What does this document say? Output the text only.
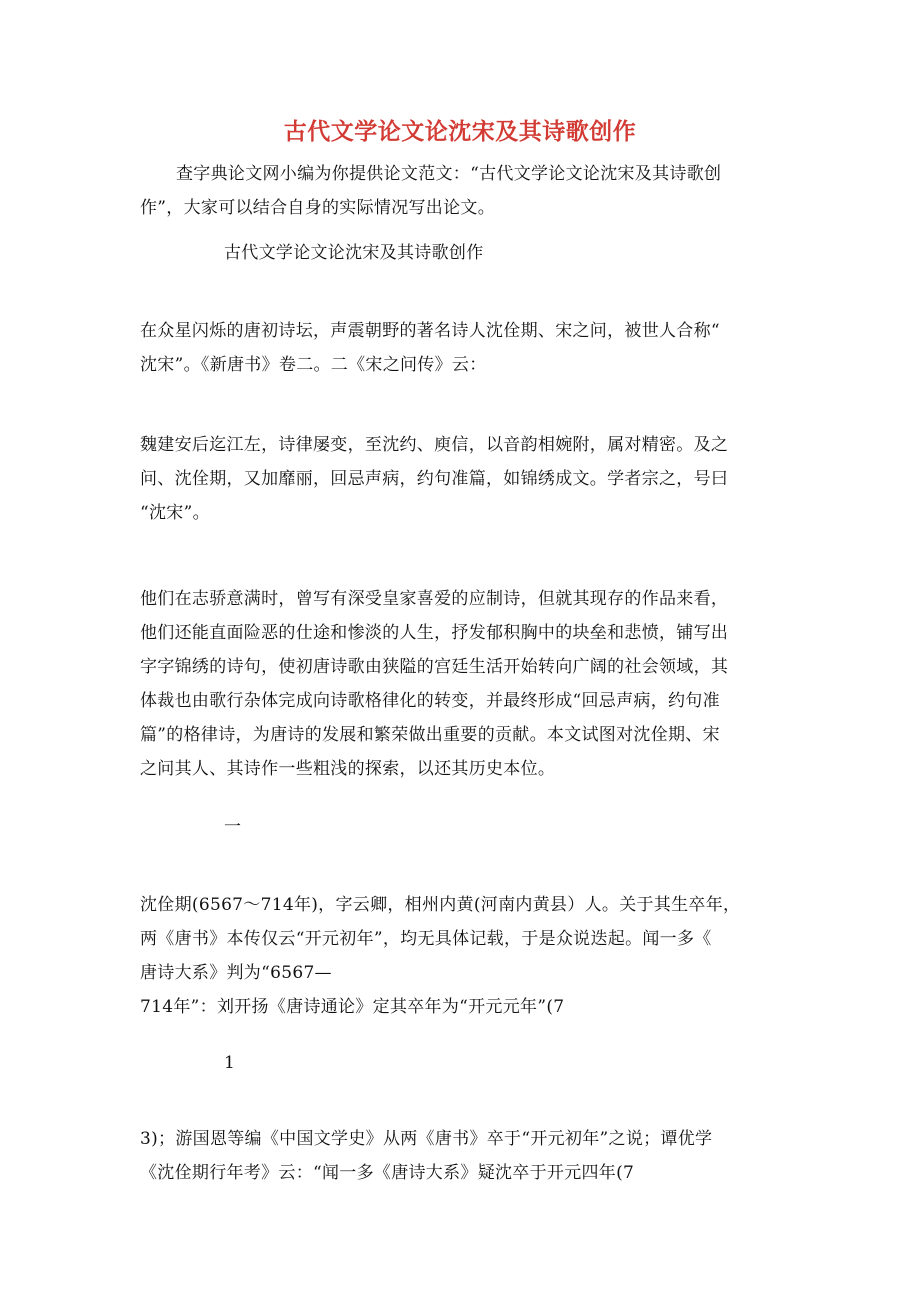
古代文学论文论沈宋及其诗歌创作

查字典论文网小编为你提供论文范文：“古代文学论文论沈宋及其诗歌创
作”，大家可以结合自身的实际情况写出论文。

古代文学论文论沈宋及其诗歌创作

在众星闪烁的唐初诗坛，声震朝野的著名诗人沈佺期、宋之问，被世人合称“
沈宋”。《新唐书》卷二。二《宋之问传》云：

魏建安后迄江左，诗律屡变，至沈约、庾信，以音韵相婉附，属对精密。及之
问、沈佺期，又加靡丽，回忌声病，约句准篇，如锦绣成文。学者宗之，号曰
“沈宋”。

他们在志骄意满时，曾写有深受皇家喜爱的应制诗，但就其现存的作品来看，
他们还能直面险恶的仕途和惨淡的人生，抒发郁积胸中的块垒和悲愤，铺写出
字字锦绣的诗句，使初唐诗歌由狭隘的宫廷生活开始转向广阔的社会领域，其
体裁也由歌行杂体完成向诗歌格律化的转变，并最终形成“回忌声病，约句准
篇”的格律诗，为唐诗的发展和繁荣做出重要的贡献。本文试图对沈佺期、宋
之问其人、其诗作一些粗浅的探索，以还其历史本位。

一

沈佺期(6567～714年)，字云卿，相州内黄(河南内黄县）人。关于其生卒年，
两《唐书》本传仅云“开元初年”，均无具体记载，于是众说迭起。闻一多《
唐诗大系》判为“6567—
714年”：刘开扬《唐诗通论》定其卒年为“开元元年”(7

1

3)；游国恩等编《中国文学史》从两《唐书》卒于“开元初年”之说；谭优学
《沈佺期行年考》云：“闻一多《唐诗大系》疑沈卒于开元四年(7
